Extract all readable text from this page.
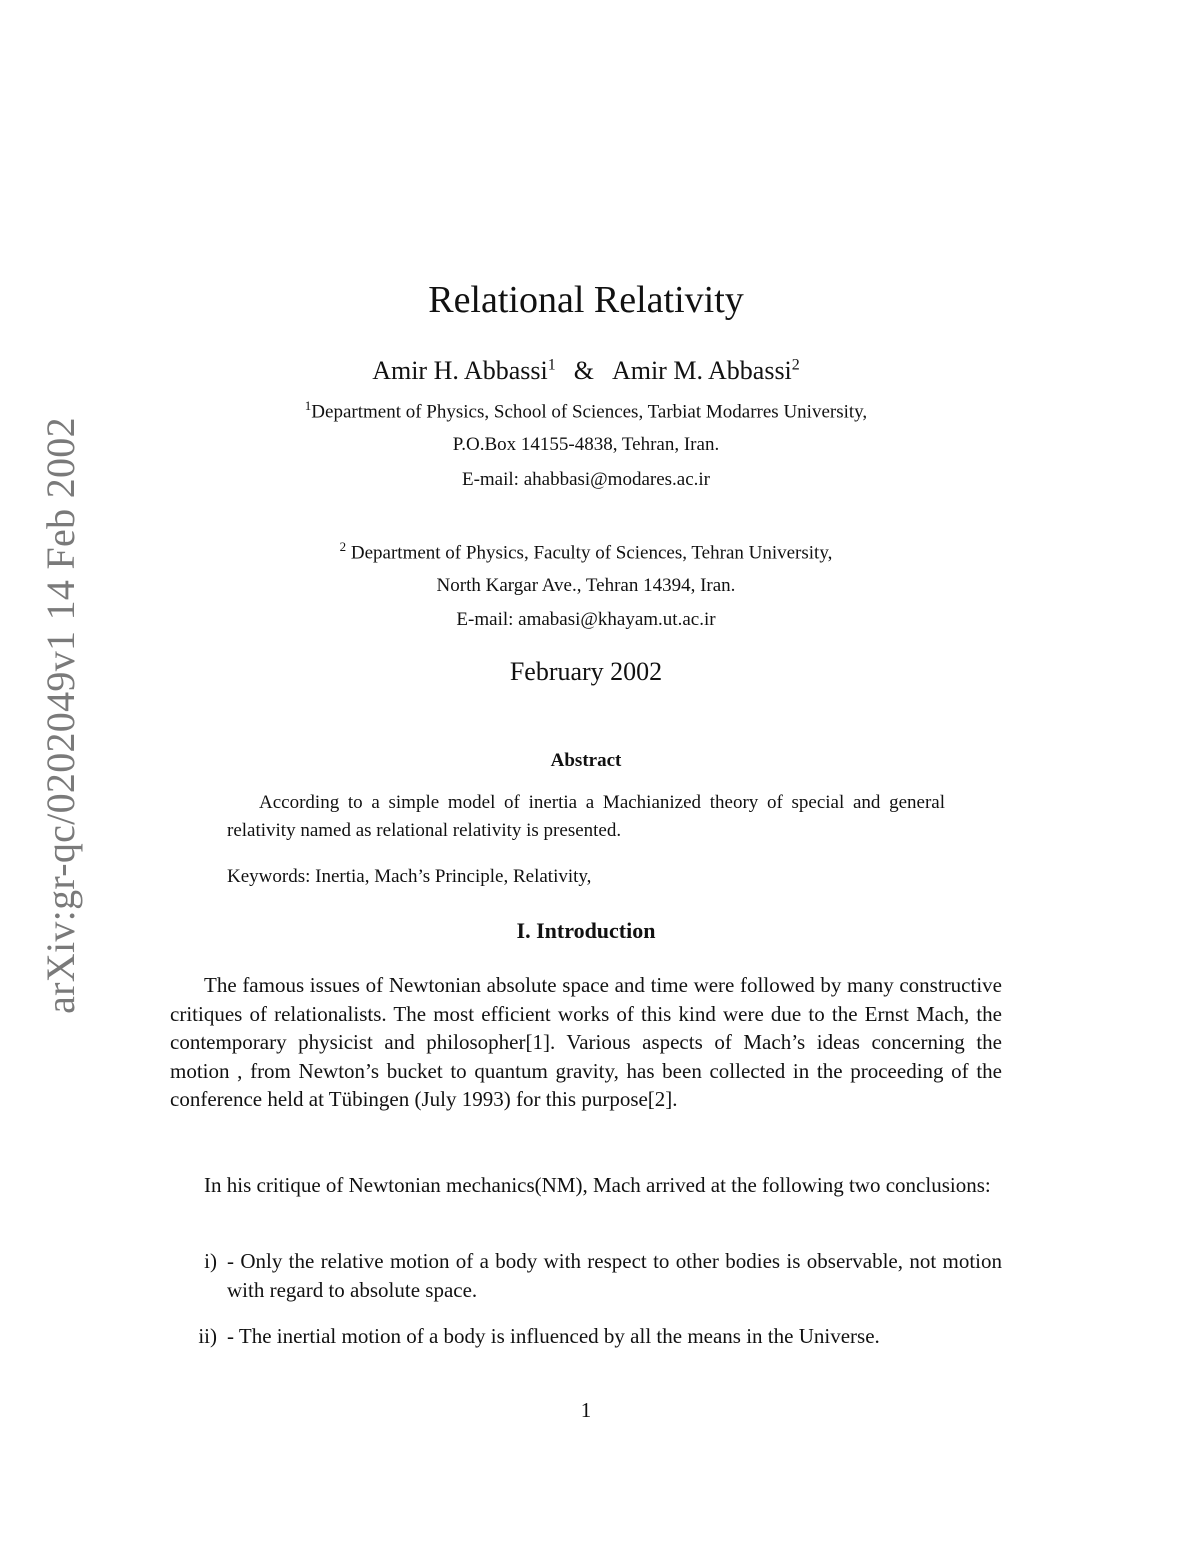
arXiv:gr-qc/0202049v1 14 Feb 2002
Relational Relativity
Amir H. Abbassi$^1$ & Amir M. Abbassi$^2$
$^1$Department of Physics, School of Sciences, Tarbiat Modarres University,
P.O.Box 14155-4838, Tehran, Iran.
E-mail: ahabbasi@modares.ac.ir
$^2$ Department of Physics, Faculty of Sciences, Tehran University,
North Kargar Ave., Tehran 14394, Iran.
E-mail: amabasi@khayam.ut.ac.ir
February 2002
Abstract

According to a simple model of inertia a Machianized theory of special and general relativity named as relational relativity is presented.

Keywords: Inertia, Mach’s Principle, Relativity,

I. Introduction

The famous issues of Newtonian absolute space and time were followed by many constructive critiques of relationalists. The most efficient works of this kind were due to the Ernst Mach, the contemporary physicist and philosopher[1]. Various aspects of Mach’s ideas concerning the motion , from Newton’s bucket to quantum gravity, has been collected in the proceeding of the conference held at Tübingen (July 1993) for this purpose[2].

In his critique of Newtonian mechanics(NM), Mach arrived at the following two conclusions:

i) - Only the relative motion of a body with respect to other bodies is observable, not motion with regard to absolute space.
ii) - The inertial motion of a body is influenced by all the means in the Universe.
1
